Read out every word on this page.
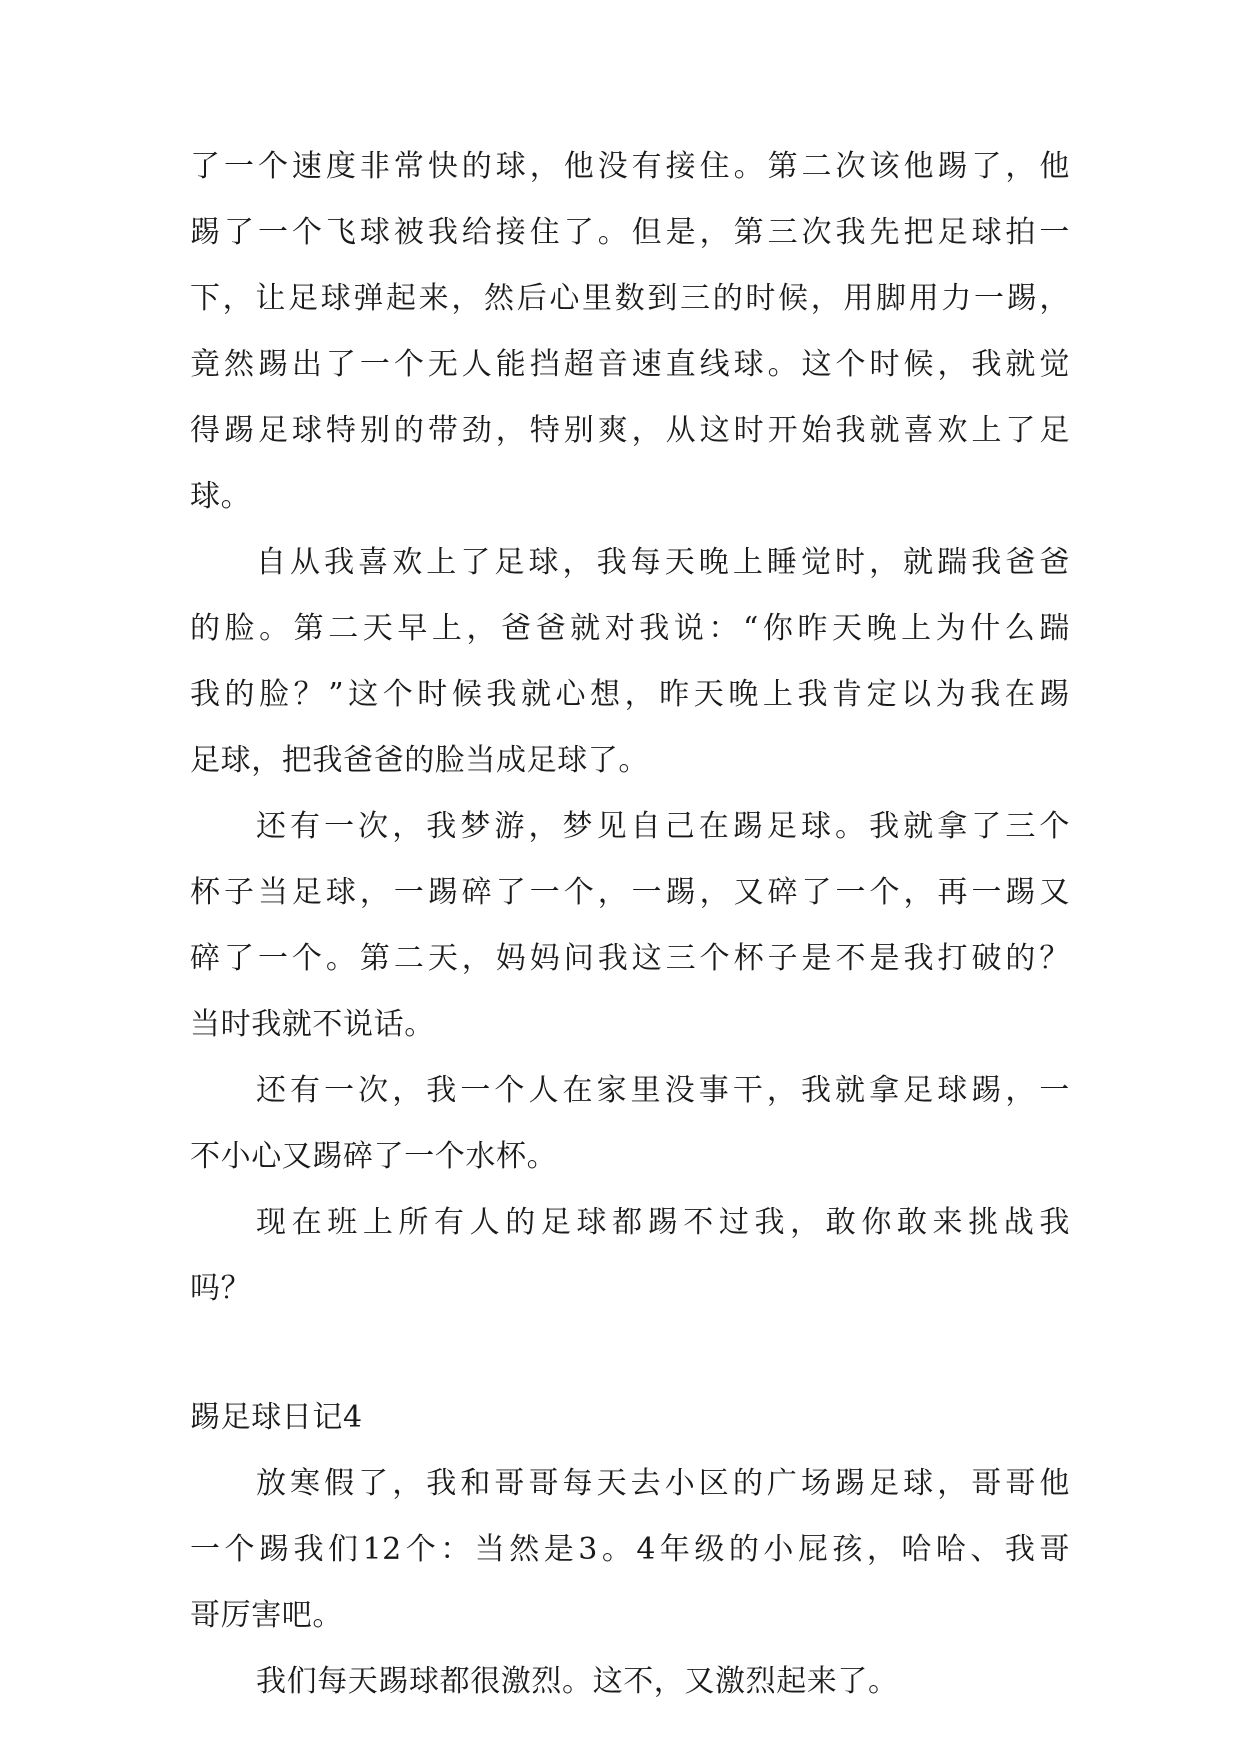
了一个速度非常快的球，他没有接住。第二次该他踢了，他

踢了一个飞球被我给接住了。但是，第三次我先把足球拍一

下，让足球弹起来，然后心里数到三的时候，用脚用力一踢，

竟然踢出了一个无人能挡超音速直线球。这个时候，我就觉

得踢足球特别的带劲，特别爽，从这时开始我就喜欢上了足

球。

自从我喜欢上了足球，我每天晚上睡觉时，就踹我爸爸

的脸。第二天早上，爸爸就对我说：“你昨天晚上为什么踹

我的脸？”这个时候我就心想，昨天晚上我肯定以为我在踢

足球，把我爸爸的脸当成足球了。

还有一次，我梦游，梦见自己在踢足球。我就拿了三个

杯子当足球，一踢碎了一个，一踢，又碎了一个，再一踢又

碎了一个。第二天，妈妈问我这三个杯子是不是我打破的？

当时我就不说话。

还有一次，我一个人在家里没事干，我就拿足球踢，一

不小心又踢碎了一个水杯。

现在班上所有人的足球都踢不过我，敢你敢来挑战我

吗？

踢足球日记4

放寒假了，我和哥哥每天去小区的广场踢足球，哥哥他

一个踢我们12个：当然是3。4年级的小屁孩，哈哈、我哥

哥厉害吧。

我们每天踢球都很激烈。这不，又激烈起来了。
